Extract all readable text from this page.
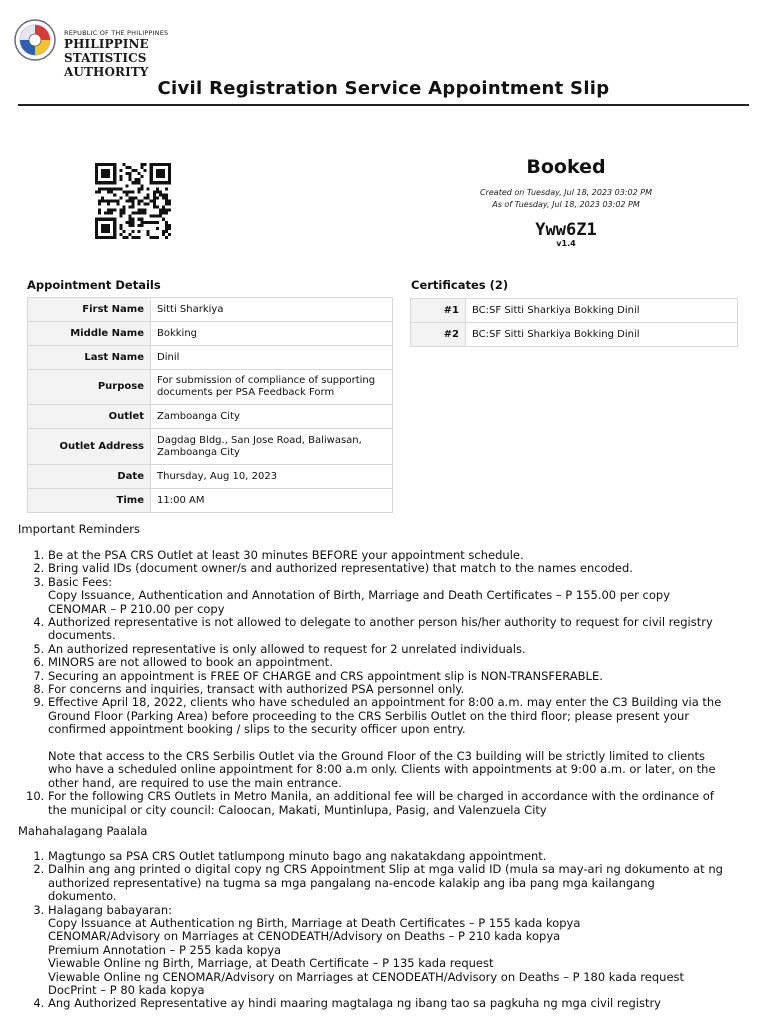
REPUBLIC OF THE PHILIPPINES
PHILIPPINE STATISTICS AUTHORITY
Civil Registration Service Appointment Slip
Booked
Created on Tuesday, Jul 18, 2023 03:02 PM
As of Tuesday, Jul 18, 2023 03:02 PM
Yww6Z1
v1.4
Appointment Details
First Name	Sitti Sharkiya
Middle Name	Bokking
Last Name	Dinil
Purpose	For submission of compliance of supporting documents per PSA Feedback Form
Outlet	Zamboanga City
Outlet Address	Dagdag Bldg., San Jose Road, Baliwasan, Zamboanga City
Date	Thursday, Aug 10, 2023
Time	11:00 AM
Certificates (2)
#1	BC:SF Sitti Sharkiya Bokking Dinil
#2	BC:SF Sitti Sharkiya Bokking Dinil
Important Reminders
1. Be at the PSA CRS Outlet at least 30 minutes BEFORE your appointment schedule.
2. Bring valid IDs (document owner/s and authorized representative) that match to the names encoded.
3. Basic Fees:
Copy Issuance, Authentication and Annotation of Birth, Marriage and Death Certificates – P 155.00 per copy
CENOMAR – P 210.00 per copy
4. Authorized representative is not allowed to delegate to another person his/her authority to request for civil registry
documents.
5. An authorized representative is only allowed to request for 2 unrelated individuals.
6. MINORS are not allowed to book an appointment.
7. Securing an appointment is FREE OF CHARGE and CRS appointment slip is NON-TRANSFERABLE.
8. For concerns and inquiries, transact with authorized PSA personnel only.
9. Effective April 18, 2022, clients who have scheduled an appointment for 8:00 a.m. may enter the C3 Building via the
Ground Floor (Parking Area) before proceeding to the CRS Serbilis Outlet on the third floor; please present your
confirmed appointment booking / slips to the security officer upon entry.
Note that access to the CRS Serbilis Outlet via the Ground Floor of the C3 building will be strictly limited to clients
who have a scheduled online appointment for 8:00 a.m only. Clients with appointments at 9:00 a.m. or later, on the
other hand, are required to use the main entrance.
10. For the following CRS Outlets in Metro Manila, an additional fee will be charged in accordance with the ordinance of
the municipal or city council: Caloocan, Makati, Muntinlupa, Pasig, and Valenzuela City
Mahahalagang Paalala
1. Magtungo sa PSA CRS Outlet tatlumpong minuto bago ang nakatakdang appointment.
2. Dalhin ang ang printed o digital copy ng CRS Appointment Slip at mga valid ID (mula sa may-ari ng dokumento at ng
authorized representative) na tugma sa mga pangalang na-encode kalakip ang iba pang mga kailangang
dokumento.
3. Halagang babayaran:
Copy Issuance at Authentication ng Birth, Marriage at Death Certificates – P 155 kada kopya
CENOMAR/Advisory on Marriages at CENODEATH/Advisory on Deaths – P 210 kada kopya
Premium Annotation – P 255 kada kopya
Viewable Online ng Birth, Marriage, at Death Certificate – P 135 kada request
Viewable Online ng CENOMAR/Advisory on Marriages at CENODEATH/Advisory on Deaths – P 180 kada request
DocPrint – P 80 kada kopya
4. Ang Authorized Representative ay hindi maaring magtalaga ng ibang tao sa pagkuha ng mga civil registry
